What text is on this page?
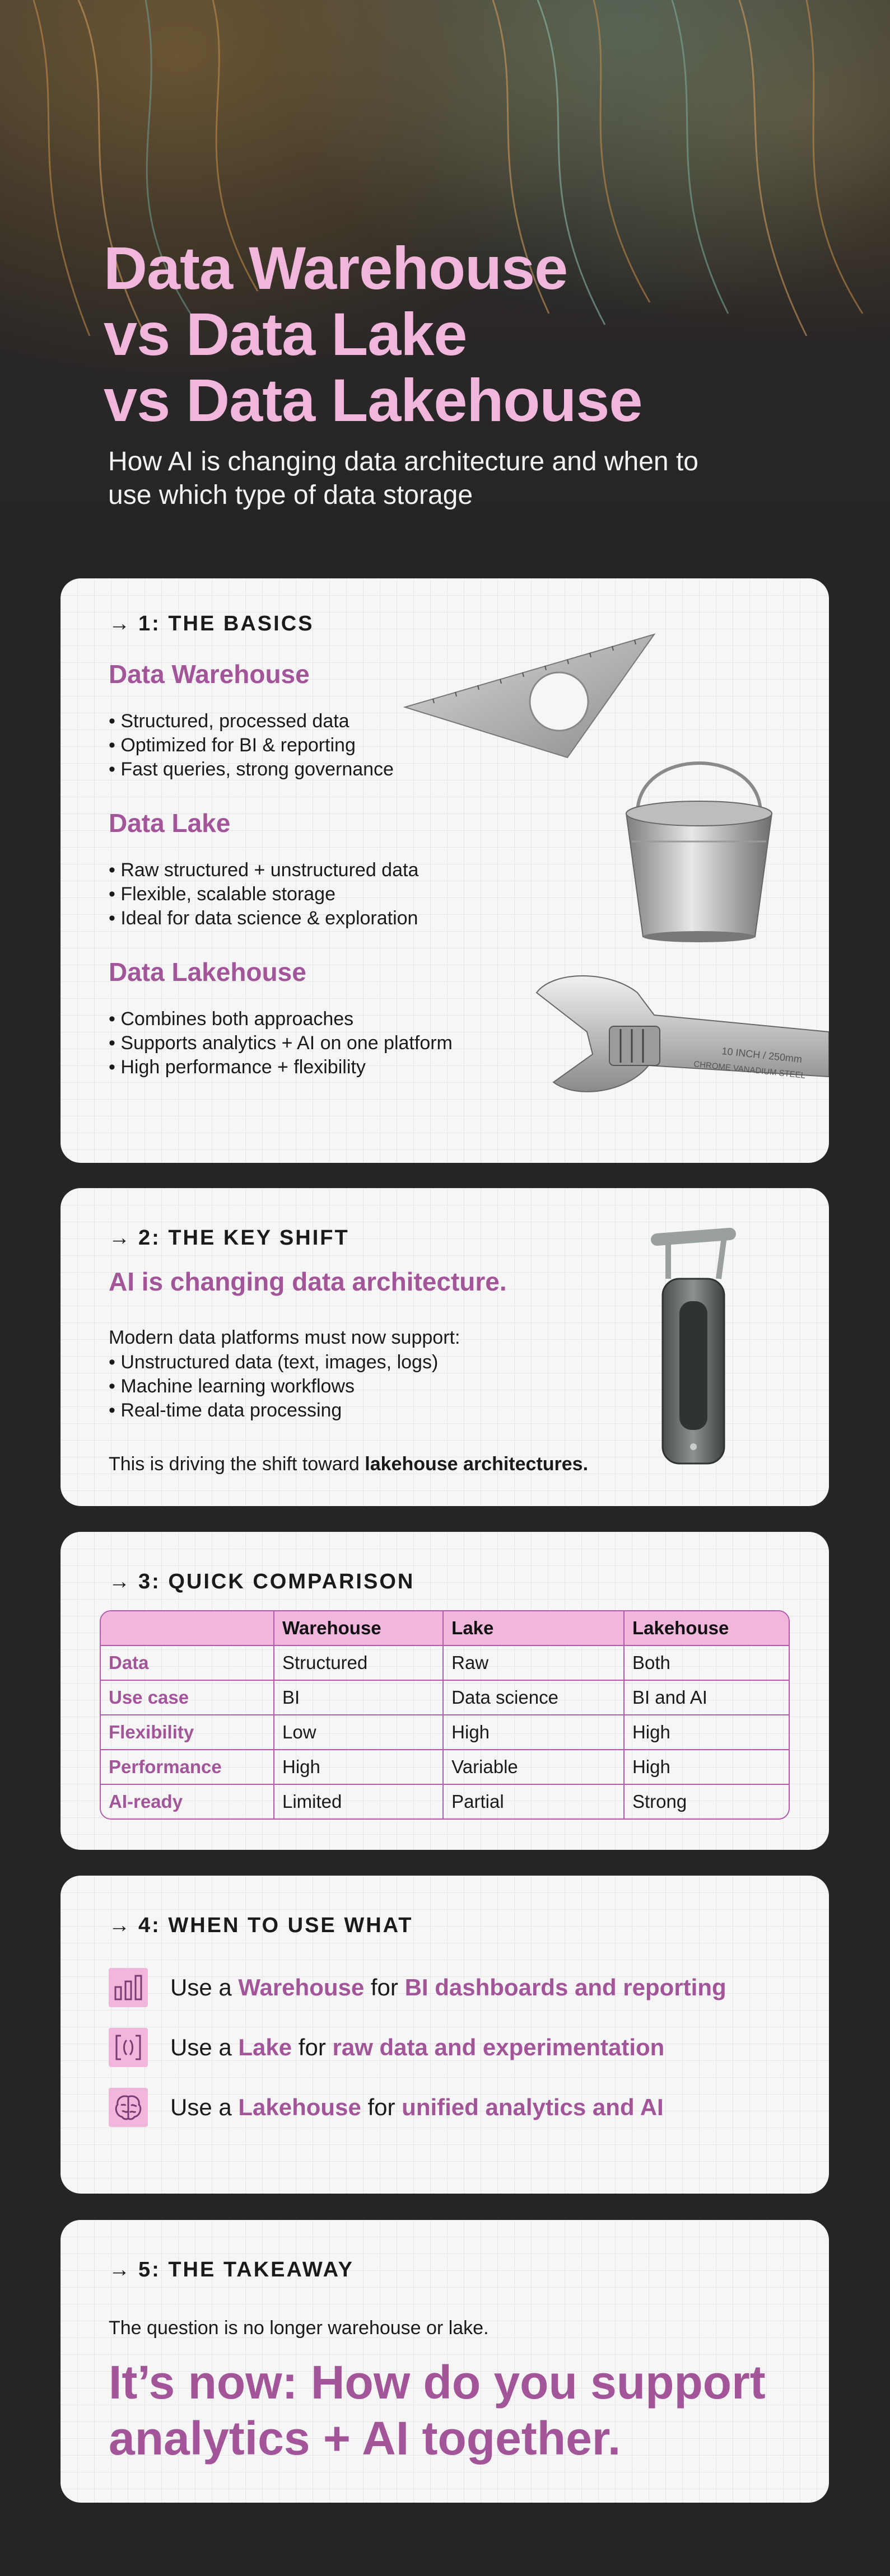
Data Warehouse
vs Data Lake
vs Data Lakehouse

How AI is changing data architecture and when to use which type of data storage

→ 1: THE BASICS
Data Warehouse
• Structured, processed data
• Optimized for BI & reporting
• Fast queries, strong governance
Data Lake
• Raw structured + unstructured data
• Flexible, scalable storage
• Ideal for data science & exploration
Data Lakehouse
• Combines both approaches
• Supports analytics + AI on one platform
• High performance + flexibility
10 INCH / 250mm
CHROME VANADIUM STEEL
→ 2: THE KEY SHIFT
AI is changing data architecture.
Modern data platforms must now support:
• Unstructured data (text, images, logs)
• Machine learning workflows
• Real-time data processing
This is driving the shift toward lakehouse architectures.
→ 3: QUICK COMPARISON
	Warehouse	Lake	Lakehouse
Data	Structured	Raw	Both
Use case	BI	Data science	BI and AI
Flexibility	Low	High	High
Performance	High	Variable	High
AI-ready	Limited	Partial	Strong
→ 4: WHEN TO USE WHAT
Use a Warehouse for BI dashboards and reporting
Use a Lake for raw data and experimentation
Use a Lakehouse for unified analytics and AI
→ 5: THE TAKEAWAY
The question is no longer warehouse or lake.
It’s now: How do you support
analytics + AI together.
